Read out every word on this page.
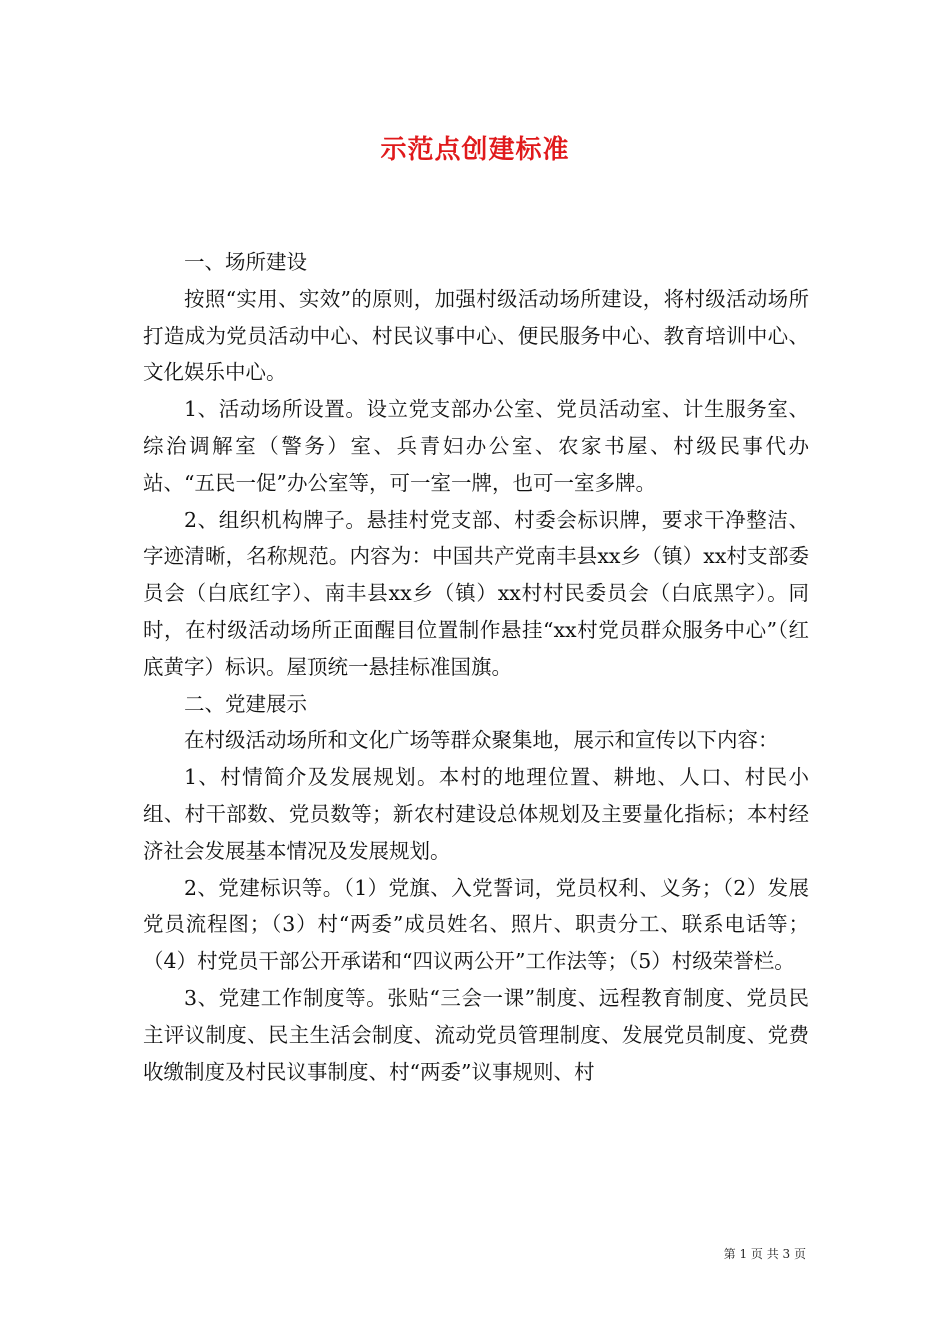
示范点创建标准

一、场所建设

按照“实用、实效”的原则，加强村级活动场所建设，将村级活动场所打造成为党员活动中心、村民议事中心、便民服务中心、教育培训中心、文化娱乐中心。

1、活动场所设置。设立党支部办公室、党员活动室、计生服务室、综治调解室（警务）室、兵青妇办公室、农家书屋、村级民事代办站、“五民一促”办公室等，可一室一牌，也可一室多牌。

2、组织机构牌子。悬挂村党支部、村委会标识牌，要求干净整洁、字迹清晰，名称规范。内容为：中国共产党南丰县xx乡（镇）xx村支部委员会（白底红字）、南丰县xx乡（镇）xx村村民委员会（白底黑字）。同时，在村级活动场所正面醒目位置制作悬挂“xx村党员群众服务中心”（红底黄字）标识。屋顶统一悬挂标准国旗。

二、党建展示

在村级活动场所和文化广场等群众聚集地，展示和宣传以下内容：

1、村情简介及发展规划。本村的地理位置、耕地、人口、村民小组、村干部数、党员数等；新农村建设总体规划及主要量化指标；本村经济社会发展基本情况及发展规划。

2、党建标识等。（1）党旗、入党誓词，党员权利、义务；（2）发展党员流程图；（3）村“两委”成员姓名、照片、职责分工、联系电话等；（4）村党员干部公开承诺和“四议两公开”工作法等；（5）村级荣誉栏。

3、党建工作制度等。张贴“三会一课”制度、远程教育制度、党员民主评议制度、民主生活会制度、流动党员管理制度、发展党员制度、党费收缴制度及村民议事制度、村“两委”议事规则、村

第 1 页 共 3 页
